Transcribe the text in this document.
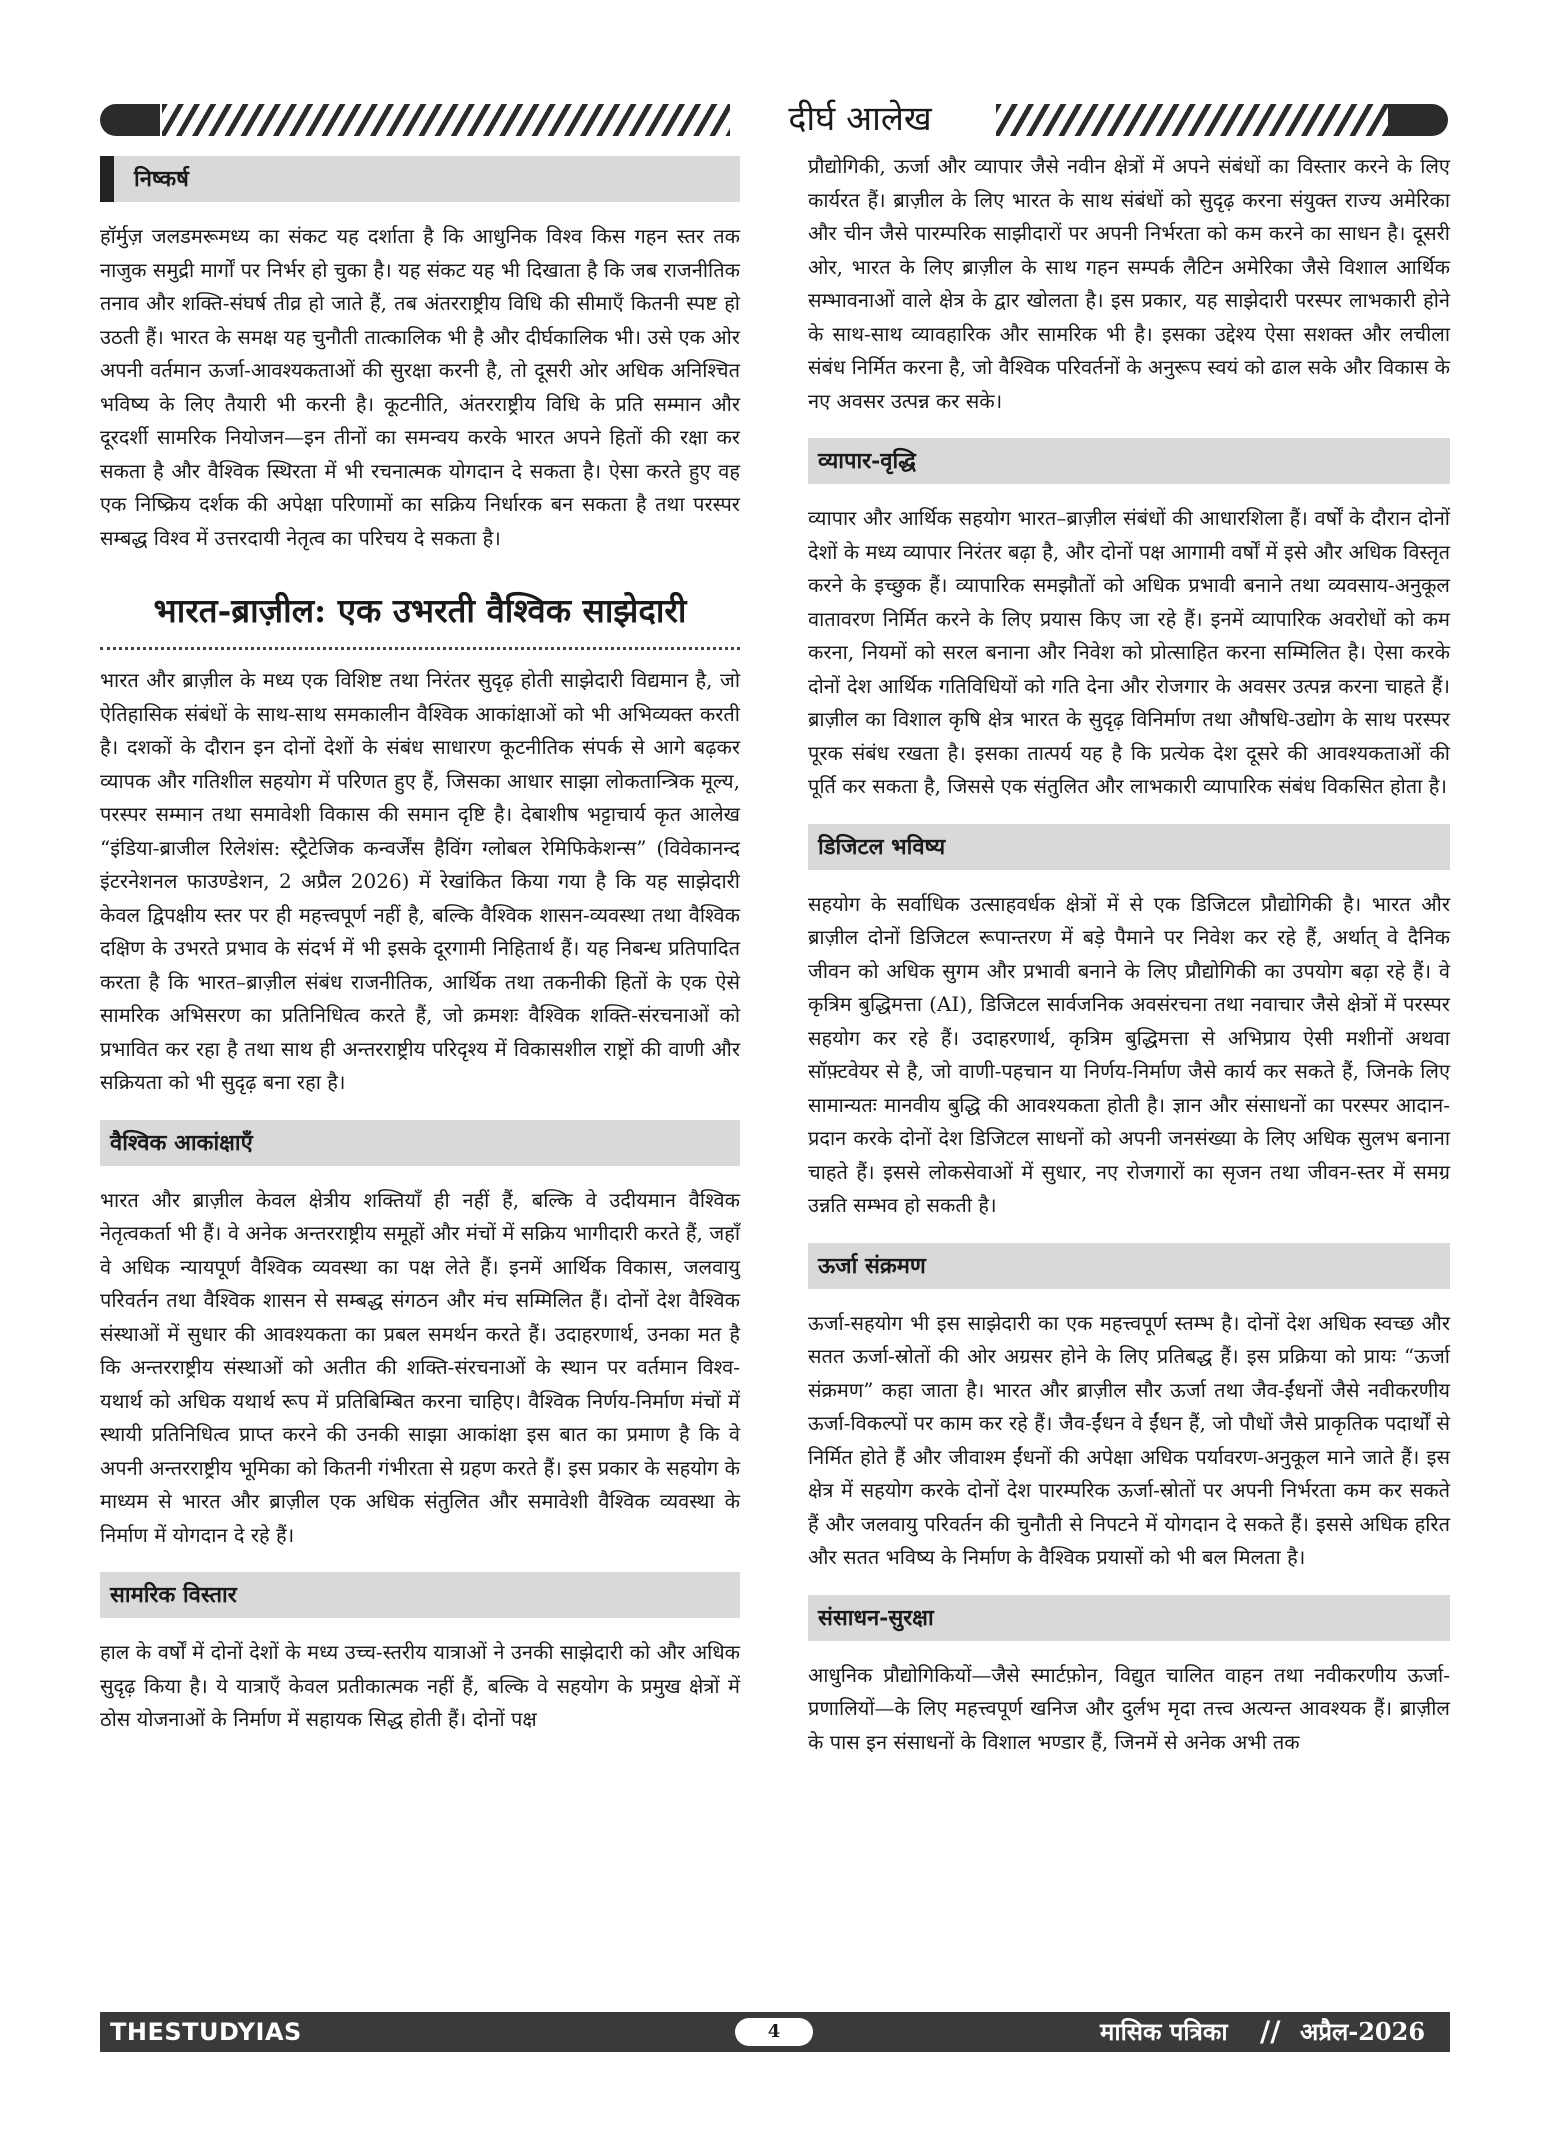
दीर्घ आलेख
निष्कर्ष

हॉर्मुज़ जलडमरूमध्य का संकट यह दर्शाता है कि आधुनिक विश्व किस गहन स्तर तक नाजुक समुद्री मार्गों पर निर्भर हो चुका है। यह संकट यह भी दिखाता है कि जब राजनीतिक तनाव और शक्ति-संघर्ष तीव्र हो जाते हैं, तब अंतरराष्ट्रीय विधि की सीमाएँ कितनी स्पष्ट हो उठती हैं। भारत के समक्ष यह चुनौती तात्कालिक भी है और दीर्घकालिक भी। उसे एक ओर अपनी वर्तमान ऊर्जा-आवश्यकताओं की सुरक्षा करनी है, तो दूसरी ओर अधिक अनिश्चित भविष्य के लिए तैयारी भी करनी है। कूटनीति, अंतरराष्ट्रीय विधि के प्रति सम्मान और दूरदर्शी सामरिक नियोजन—इन तीनों का समन्वय करके भारत अपने हितों की रक्षा कर सकता है और वैश्विक स्थिरता में भी रचनात्मक योगदान दे सकता है। ऐसा करते हुए वह एक निष्क्रिय दर्शक की अपेक्षा परिणामों का सक्रिय निर्धारक बन सकता है तथा परस्पर सम्बद्ध विश्व में उत्तरदायी नेतृत्व का परिचय दे सकता है।

भारत-ब्राज़ील: एक उभरती वैश्विक साझेदारी

भारत और ब्राज़ील के मध्य एक विशिष्ट तथा निरंतर सुदृढ़ होती साझेदारी विद्यमान है, जो ऐतिहासिक संबंधों के साथ-साथ समकालीन वैश्विक आकांक्षाओं को भी अभिव्यक्त करती है। दशकों के दौरान इन दोनों देशों के संबंध साधारण कूटनीतिक संपर्क से आगे बढ़कर व्यापक और गतिशील सहयोग में परिणत हुए हैं, जिसका आधार साझा लोकतान्त्रिक मूल्य, परस्पर सम्मान तथा समावेशी विकास की समान दृष्टि है। देबाशीष भट्टाचार्य कृत आलेख “इंडिया-ब्राजील रिलेशंस: स्ट्रैटेजिक कन्वर्जेंस हैविंग ग्लोबल रेमिफिकेशन्स” (विवेकानन्द इंटरनेशनल फाउण्डेशन, 2 अप्रैल 2026) में रेखांकित किया गया है कि यह साझेदारी केवल द्विपक्षीय स्तर पर ही महत्त्वपूर्ण नहीं है, बल्कि वैश्विक शासन-व्यवस्था तथा वैश्विक दक्षिण के उभरते प्रभाव के संदर्भ में भी इसके दूरगामी निहितार्थ हैं। यह निबन्ध प्रतिपादित करता है कि भारत–ब्राज़ील संबंध राजनीतिक, आर्थिक तथा तकनीकी हितों के एक ऐसे सामरिक अभिसरण का प्रतिनिधित्व करते हैं, जो क्रमशः वैश्विक शक्ति-संरचनाओं को प्रभावित कर रहा है तथा साथ ही अन्तरराष्ट्रीय परिदृश्य में विकासशील राष्ट्रों की वाणी और सक्रियता को भी सुदृढ़ बना रहा है।

वैश्विक आकांक्षाएँ

भारत और ब्राज़ील केवल क्षेत्रीय शक्तियाँ ही नहीं हैं, बल्कि वे उदीयमान वैश्विक नेतृत्वकर्ता भी हैं। वे अनेक अन्तरराष्ट्रीय समूहों और मंचों में सक्रिय भागीदारी करते हैं, जहाँ वे अधिक न्यायपूर्ण वैश्विक व्यवस्था का पक्ष लेते हैं। इनमें आर्थिक विकास, जलवायु परिवर्तन तथा वैश्विक शासन से सम्बद्ध संगठन और मंच सम्मिलित हैं। दोनों देश वैश्विक संस्थाओं में सुधार की आवश्यकता का प्रबल समर्थन करते हैं। उदाहरणार्थ, उनका मत है कि अन्तरराष्ट्रीय संस्थाओं को अतीत की शक्ति-संरचनाओं के स्थान पर वर्तमान विश्व-यथार्थ को अधिक यथार्थ रूप में प्रतिबिम्बित करना चाहिए। वैश्विक निर्णय-निर्माण मंचों में स्थायी प्रतिनिधित्व प्राप्त करने की उनकी साझा आकांक्षा इस बात का प्रमाण है कि वे अपनी अन्तरराष्ट्रीय भूमिका को कितनी गंभीरता से ग्रहण करते हैं। इस प्रकार के सहयोग के माध्यम से भारत और ब्राज़ील एक अधिक संतुलित और समावेशी वैश्विक व्यवस्था के निर्माण में योगदान दे रहे हैं।

सामरिक विस्तार

हाल के वर्षों में दोनों देशों के मध्य उच्च-स्तरीय यात्राओं ने उनकी साझेदारी को और अधिक सुदृढ़ किया है। ये यात्राएँ केवल प्रतीकात्मक नहीं हैं, बल्कि वे सहयोग के प्रमुख क्षेत्रों में ठोस योजनाओं के निर्माण में सहायक सिद्ध होती हैं। दोनों पक्ष

प्रौद्योगिकी, ऊर्जा और व्यापार जैसे नवीन क्षेत्रों में अपने संबंधों का विस्तार करने के लिए कार्यरत हैं। ब्राज़ील के लिए भारत के साथ संबंधों को सुदृढ़ करना संयुक्त राज्य अमेरिका और चीन जैसे पारम्परिक साझीदारों पर अपनी निर्भरता को कम करने का साधन है। दूसरी ओर, भारत के लिए ब्राज़ील के साथ गहन सम्पर्क लैटिन अमेरिका जैसे विशाल आर्थिक सम्भावनाओं वाले क्षेत्र के द्वार खोलता है। इस प्रकार, यह साझेदारी परस्पर लाभकारी होने के साथ-साथ व्यावहारिक और सामरिक भी है। इसका उद्देश्य ऐसा सशक्त और लचीला संबंध निर्मित करना है, जो वैश्विक परिवर्तनों के अनुरूप स्वयं को ढाल सके और विकास के नए अवसर उत्पन्न कर सके।

व्यापार-वृद्धि

व्यापार और आर्थिक सहयोग भारत–ब्राज़ील संबंधों की आधारशिला हैं। वर्षों के दौरान दोनों देशों के मध्य व्यापार निरंतर बढ़ा है, और दोनों पक्ष आगामी वर्षों में इसे और अधिक विस्तृत करने के इच्छुक हैं। व्यापारिक समझौतों को अधिक प्रभावी बनाने तथा व्यवसाय-अनुकूल वातावरण निर्मित करने के लिए प्रयास किए जा रहे हैं। इनमें व्यापारिक अवरोधों को कम करना, नियमों को सरल बनाना और निवेश को प्रोत्साहित करना सम्मिलित है। ऐसा करके दोनों देश आर्थिक गतिविधियों को गति देना और रोजगार के अवसर उत्पन्न करना चाहते हैं। ब्राज़ील का विशाल कृषि क्षेत्र भारत के सुदृढ़ विनिर्माण तथा औषधि-उद्योग के साथ परस्पर पूरक संबंध रखता है। इसका तात्पर्य यह है कि प्रत्येक देश दूसरे की आवश्यकताओं की पूर्ति कर सकता है, जिससे एक संतुलित और लाभकारी व्यापारिक संबंध विकसित होता है।

डिजिटल भविष्य

सहयोग के सर्वाधिक उत्साहवर्धक क्षेत्रों में से एक डिजिटल प्रौद्योगिकी है। भारत और ब्राज़ील दोनों डिजिटल रूपान्तरण में बड़े पैमाने पर निवेश कर रहे हैं, अर्थात् वे दैनिक जीवन को अधिक सुगम और प्रभावी बनाने के लिए प्रौद्योगिकी का उपयोग बढ़ा रहे हैं। वे कृत्रिम बुद्धिमत्ता (AI), डिजिटल सार्वजनिक अवसंरचना तथा नवाचार जैसे क्षेत्रों में परस्पर सहयोग कर रहे हैं। उदाहरणार्थ, कृत्रिम बुद्धिमत्ता से अभिप्राय ऐसी मशीनों अथवा सॉफ़्टवेयर से है, जो वाणी-पहचान या निर्णय-निर्माण जैसे कार्य कर सकते हैं, जिनके लिए सामान्यतः मानवीय बुद्धि की आवश्यकता होती है। ज्ञान और संसाधनों का परस्पर आदान-प्रदान करके दोनों देश डिजिटल साधनों को अपनी जनसंख्या के लिए अधिक सुलभ बनाना चाहते हैं। इससे लोकसेवाओं में सुधार, नए रोजगारों का सृजन तथा जीवन-स्तर में समग्र उन्नति सम्भव हो सकती है।

ऊर्जा संक्रमण

ऊर्जा-सहयोग भी इस साझेदारी का एक महत्त्वपूर्ण स्तम्भ है। दोनों देश अधिक स्वच्छ और सतत ऊर्जा-स्रोतों की ओर अग्रसर होने के लिए प्रतिबद्ध हैं। इस प्रक्रिया को प्रायः “ऊर्जा संक्रमण” कहा जाता है। भारत और ब्राज़ील सौर ऊर्जा तथा जैव-ईंधनों जैसे नवीकरणीय ऊर्जा-विकल्पों पर काम कर रहे हैं। जैव-ईंधन वे ईंधन हैं, जो पौधों जैसे प्राकृतिक पदार्थों से निर्मित होते हैं और जीवाश्म ईंधनों की अपेक्षा अधिक पर्यावरण-अनुकूल माने जाते हैं। इस क्षेत्र में सहयोग करके दोनों देश पारम्परिक ऊर्जा-स्रोतों पर अपनी निर्भरता कम कर सकते हैं और जलवायु परिवर्तन की चुनौती से निपटने में योगदान दे सकते हैं। इससे अधिक हरित और सतत भविष्य के निर्माण के वैश्विक प्रयासों को भी बल मिलता है।

संसाधन-सुरक्षा

आधुनिक प्रौद्योगिकियों—जैसे स्मार्टफ़ोन, विद्युत चालित वाहन तथा नवीकरणीय ऊर्जा-प्रणालियों—के लिए महत्त्वपूर्ण खनिज और दुर्लभ मृदा तत्त्व अत्यन्त आवश्यक हैं। ब्राज़ील के पास इन संसाधनों के विशाल भण्डार हैं, जिनमें से अनेक अभी तक

THESTUDYIAS	4	मासिक पत्रिका // अप्रैल-2026
